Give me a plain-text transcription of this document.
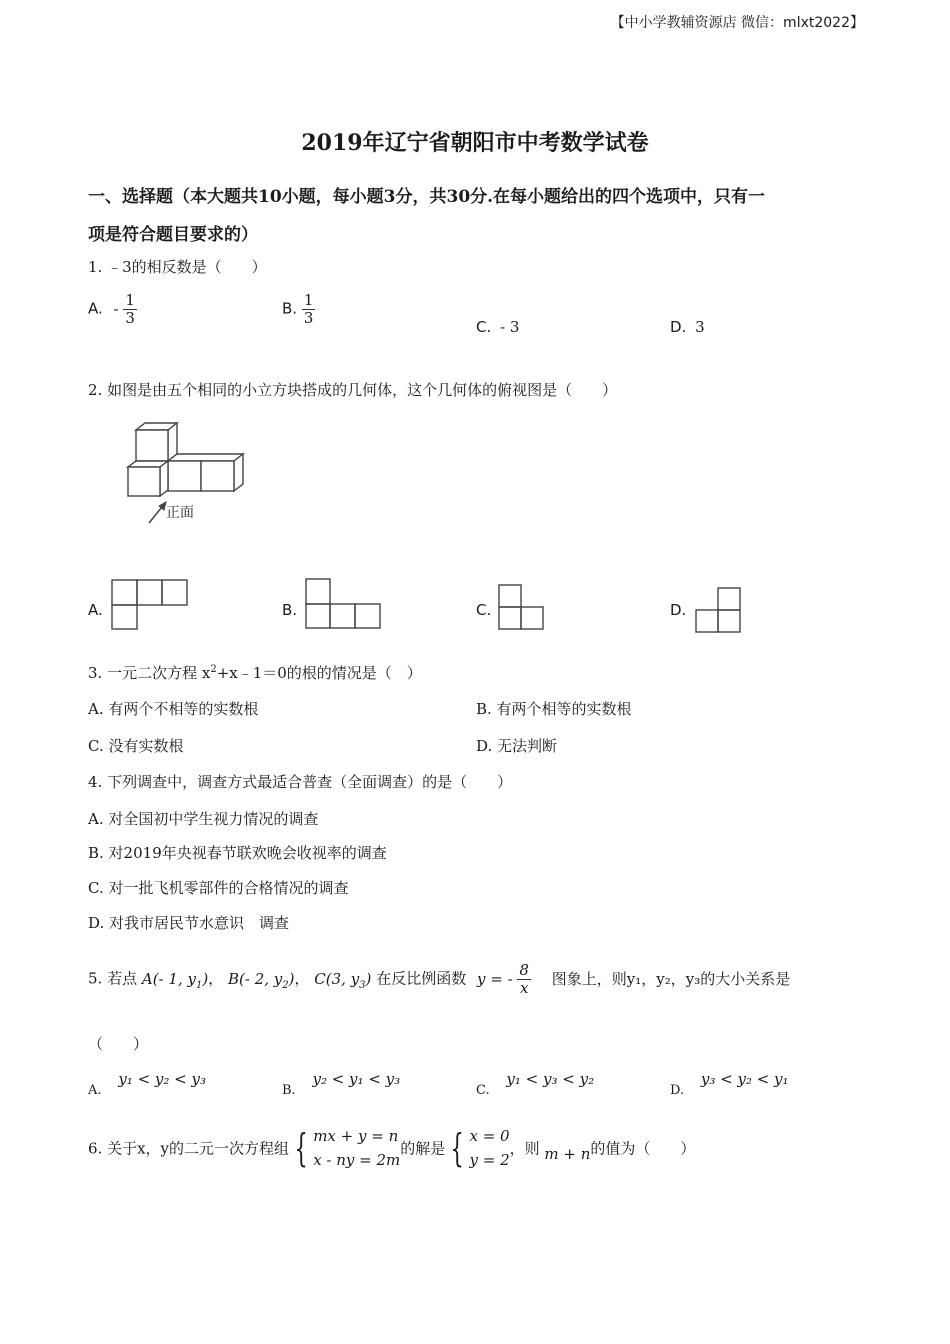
【中小学教辅资源店 微信：mlxt2022】
2019年辽宁省朝阳市中考数学试卷
一、选择题（本大题共10小题，每小题3分，共30分.在每小题给出的四个选项中，只有一
项是符合题目要求的）
1. ﹣3的相反数是（　　）
A. - $\frac{1}{3}$	B. $\frac{1}{3}$	C. - 3	D. 3
2. 如图是由五个相同的小立方块搭成的几何体，这个几何体的俯视图是（　　）
正面
A.	B.	C.	D.
3. 一元二次方程 $x^2+x﹣1=0$的根的情况是（　）
A. 有两个不相等的实数根	B. 有两个相等的实数根
C. 没有实数根	D. 无法判断
4. 下列调查中，调查方式最适合普查（全面调查）的是（　　）
A. 对全国初中学生视力情况的调查
B. 对2019年央视春节联欢晚会收视率的调查
C. 对一批飞机零部件的合格情况的调查
D. 对我市居民节水意识　调查
5. 若点 A(- 1, $y_1$)， B(- 2, $y_2$)， C(3, $y_3$) 在反比例函数 y = - $\frac{8}{x}$ 图象上，则y₁，y₂，y₃的大小关系是
（　　）
A. y₁ < y₂ < y₃
B. y₂ < y₁ < y₃
C. y₁ < y₃ < y₂
D. y₃ < y₂ < y₁
6. 关于x，y的二元一次方程组 { mx + y = n
x - ny = 2m
的解是 { x = 0
y = 2
，则 m + n的值为（　　）
